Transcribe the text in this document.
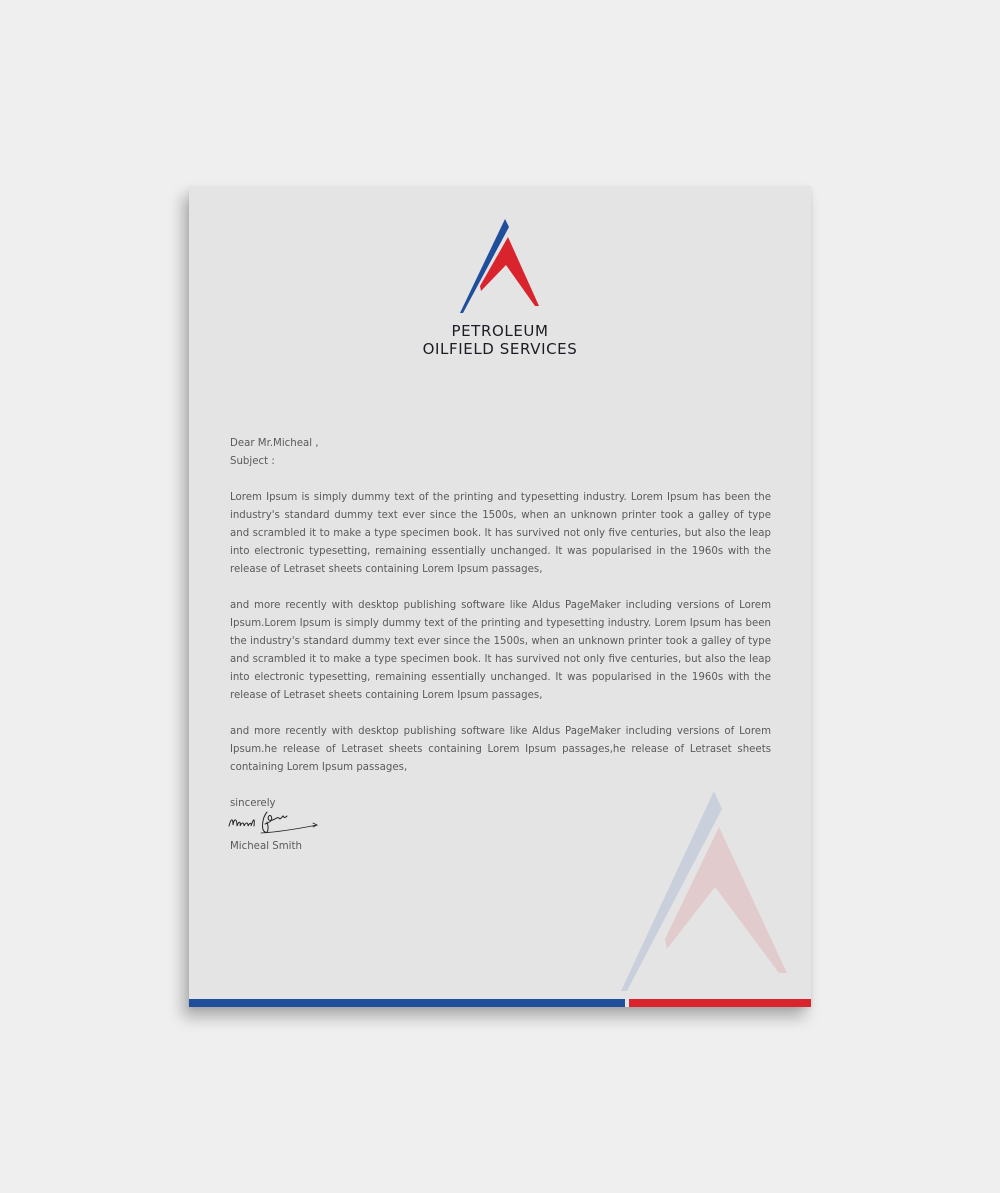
PETROLEUM
OILFIELD SERVICES

Dear Mr.Micheal ,

Subject :

Lorem Ipsum is simply dummy text of the printing and typesetting industry. Lorem Ipsum has been the industry's standard dummy text ever since the 1500s, when an unknown printer took a galley of type and scrambled it to make a type specimen book. It has survived not only five centuries, but also the leap into electronic typesetting, remaining essentially unchanged. It was popularised in the 1960s with the release of Letraset sheets containing Lorem Ipsum passages,

and more recently with desktop publishing software like Aldus PageMaker including versions of Lorem Ipsum.Lorem Ipsum is simply dummy text of the printing and typesetting industry. Lorem Ipsum has been the industry's standard dummy text ever since the 1500s, when an unknown printer took a galley of type and scrambled it to make a type specimen book. It has survived not only five centuries, but also the leap into electronic typesetting, remaining essentially unchanged. It was popularised in the 1960s with the release of Letraset sheets containing Lorem Ipsum passages,

and more recently with desktop publishing software like Aldus PageMaker including versions of Lorem Ipsum.he release of Letraset sheets containing Lorem Ipsum passages,he release of Letraset sheets containing Lorem Ipsum passages,

sincerely

Micheal Smith
